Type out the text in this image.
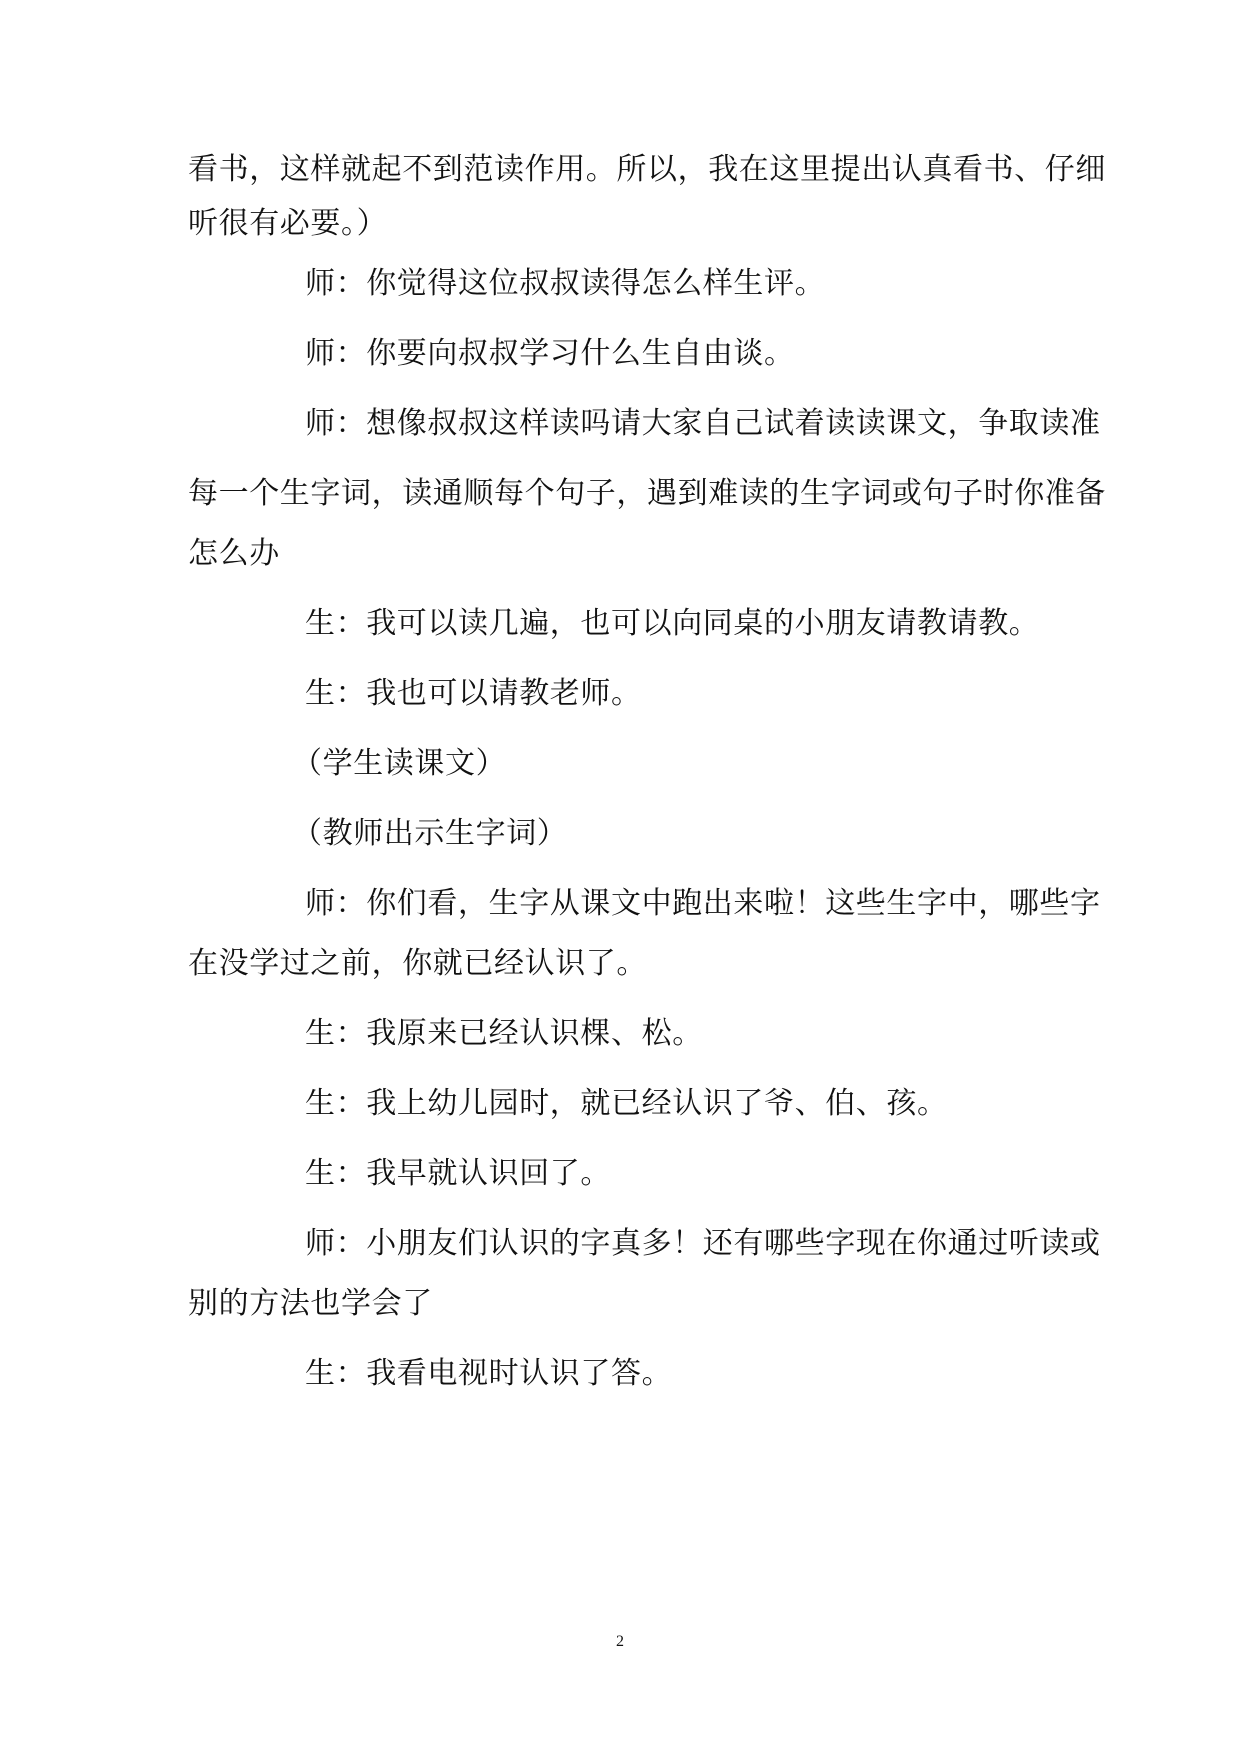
看书，这样就起不到范读作用。所以，我在这里提出认真看书、仔细
听很有必要。）
师：你觉得这位叔叔读得怎么样生评。
师：你要向叔叔学习什么生自由谈。
师：想像叔叔这样读吗请大家自己试着读读课文，争取读准
每一个生字词，读通顺每个句子，遇到难读的生字词或句子时你准备
怎么办
生：我可以读几遍，也可以向同桌的小朋友请教请教。
生：我也可以请教老师。
（学生读课文）
（教师出示生字词）
师：你们看，生字从课文中跑出来啦！这些生字中，哪些字
在没学过之前，你就已经认识了。
生：我原来已经认识棵、松。
生：我上幼儿园时，就已经认识了爷、伯、孩。
生：我早就认识回了。
师：小朋友们认识的字真多！还有哪些字现在你通过听读或
别的方法也学会了
生：我看电视时认识了答。
2
